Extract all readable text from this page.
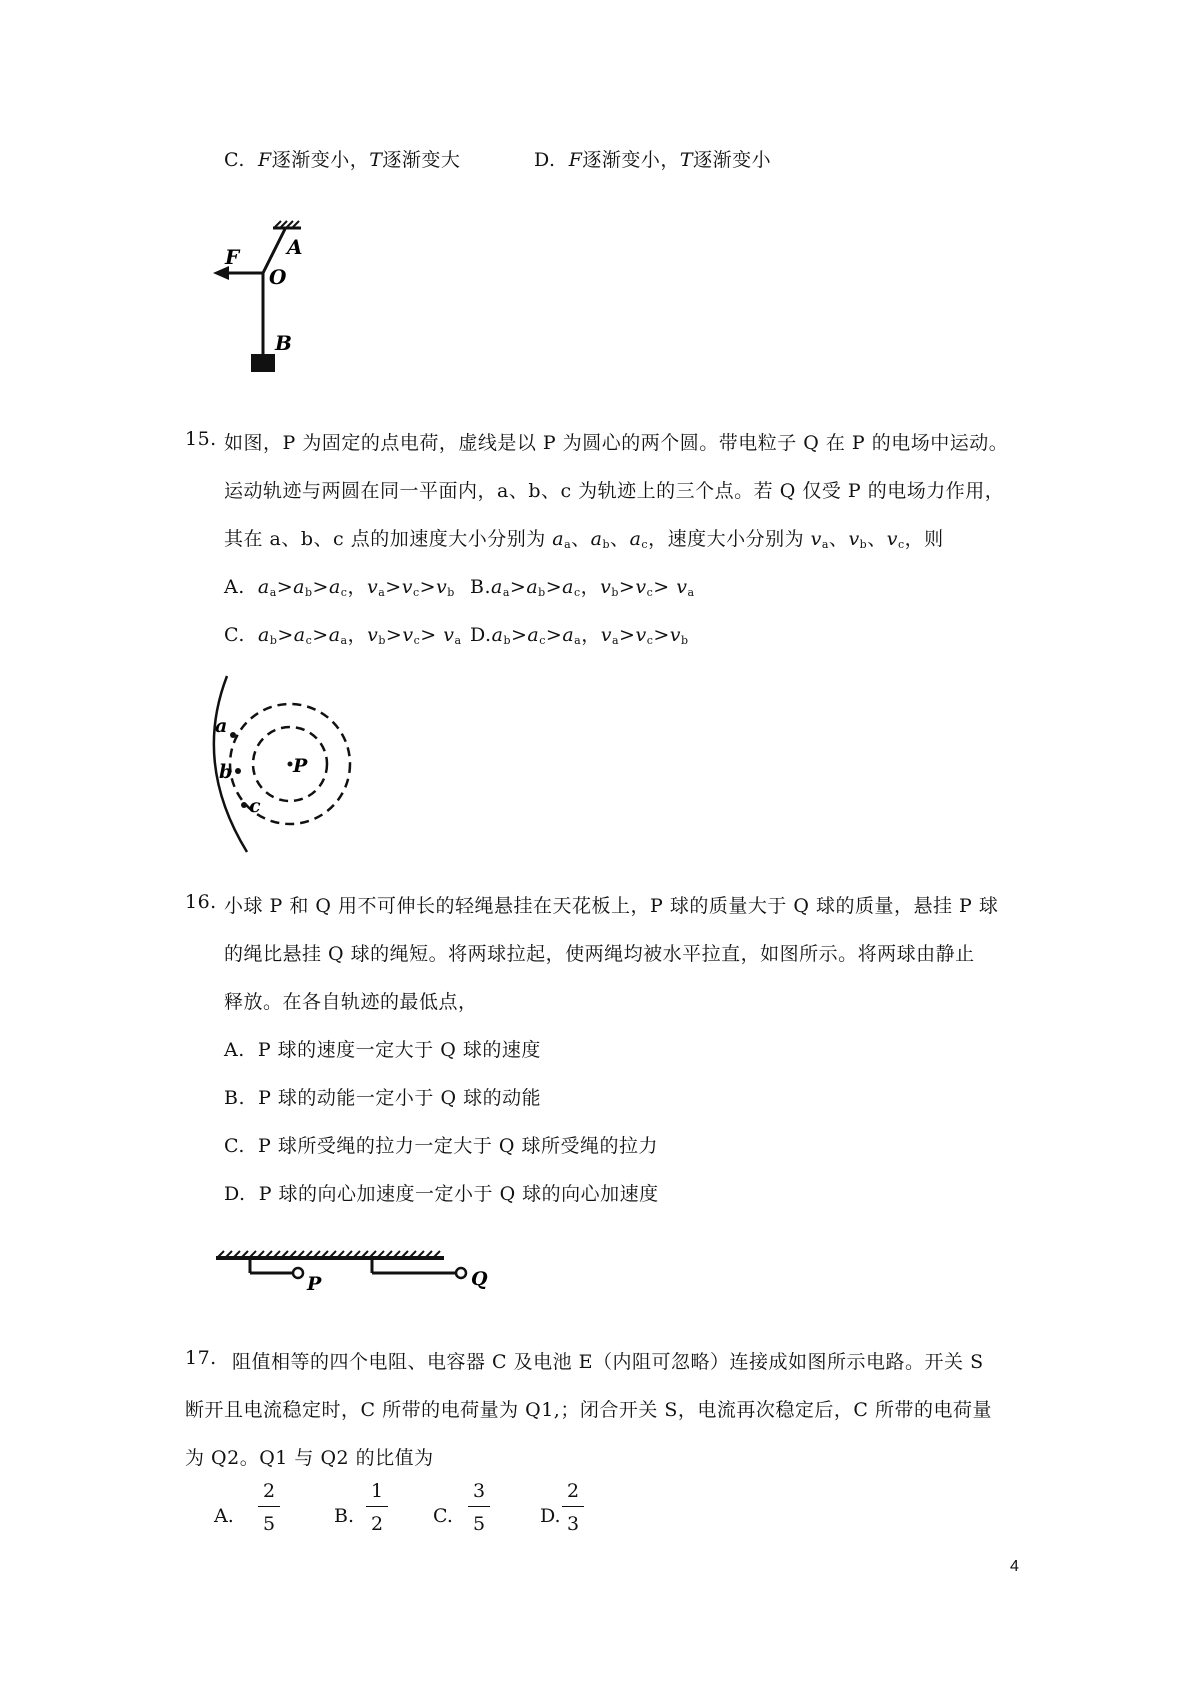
C. F逐渐变小，T逐渐变大	D. F逐渐变小，T逐渐变小
A
F
O
B
15. 如图，P 为固定的点电荷，虚线是以 P 为圆心的两个圆。带电粒子 Q 在 P 的电场中运动。
运动轨迹与两圆在同一平面内，a、b、c 为轨迹上的三个点。若 Q 仅受 P 的电场力作用，
其在 a、b、c 点的加速度大小分别为 $a_a$、$a_b$、$a_c$，速度大小分别为 $v_a$、$v_b$、$v_c$，则
A. $a_a>a_b>a_c$，$v_a>v_c>v_b$ $B.a_a>a_b>a_c$，$v_b>v_c> v_a$
C. $a_b>a_c>a_a$，$v_b>v_c> v_a$ $D.a_b>a_c>a_a$，$v_a>v_c>v_b$
a
b	P
c
16. 小球 P 和 Q 用不可伸长的轻绳悬挂在天花板上，P 球的质量大于 Q 球的质量，悬挂 P 球
的绳比悬挂 Q 球的绳短。将两球拉起，使两绳均被水平拉直，如图所示。将两球由静止
释放。在各自轨迹的最低点，
A. P 球的速度一定大于 Q 球的速度
B. P 球的动能一定小于 Q 球的动能
C. P 球所受绳的拉力一定大于 Q 球所受绳的拉力
D. P 球的向心加速度一定小于 Q 球的向心加速度
P	Q
17. 阻值相等的四个电阻、电容器 C 及电池 E（内阻可忽略）连接成如图所示电路。开关 S
断开且电流稳定时，C 所带的电荷量为 Q1,；闭合开关 S，电流再次稳定后，C 所带的电荷量
为 Q2。Q1 与 Q2 的比值为
A.
2
5	B.
1
2	C.
3
5	D.
2
3
4
